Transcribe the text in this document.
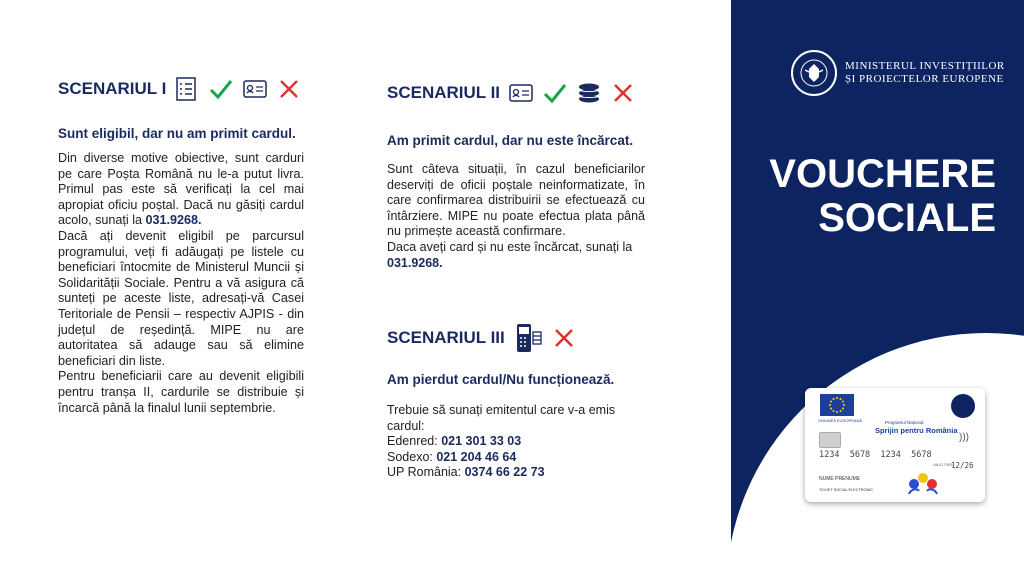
SCENARIUL I
Sunt eligibil, dar nu am primit cardul.
Din diverse motive obiective, sunt carduri pe care Poșta Română nu le-a putut livra. Primul pas este să verificați la cel mai apropiat oficiu poștal. Dacă nu găsiți cardul acolo, sunați la 031.9268.
Dacă ați devenit eligibil pe parcursul programului, veți fi adăugați pe listele cu beneficiari întocmite de Ministerul Muncii și Solidarității Sociale. Pentru a vă asigura că sunteți pe aceste liste, adresați-vă Casei Teritoriale de Pensii – respectiv AJPIS - din județul de reședință. MIPE nu are autoritatea să adauge sau să elimine beneficiari din liste.
Pentru beneficiarii care au devenit eligibili pentru tranșa II, cardurile se distribuie și încarcă până la finalul lunii septembrie.
SCENARIUL II
Am primit cardul, dar nu este încărcat.
Sunt câteva situații, în cazul beneficiarilor deserviți de oficii poștale neinformatizate, în care confirmarea distribuirii se efectuează cu întârziere. MIPE nu poate efectua plata până nu primește această confirmare.
Daca aveți card și nu este încărcat, sunați la 031.9268.
SCENARIUL III
Am pierdut cardul/Nu funcționează.
Trebuie să sunați emitentul care v-a emis cardul:
Edenred: 021 301 33 03
Sodexo: 021 204 46 64
UP România: 0374 66 22 73
MINISTERUL INVESTIȚIILOR
ȘI PROIECTELOR EUROPENE
VOUCHERE
SOCIALE
UNIUNEA EUROPEANĂ	Programul Național
Sprijin pentru România
)))
1234  5678  1234  5678
VALID THRU
12/26
NUME PRENUME
TICHET SOCIAL ELECTRONIC
